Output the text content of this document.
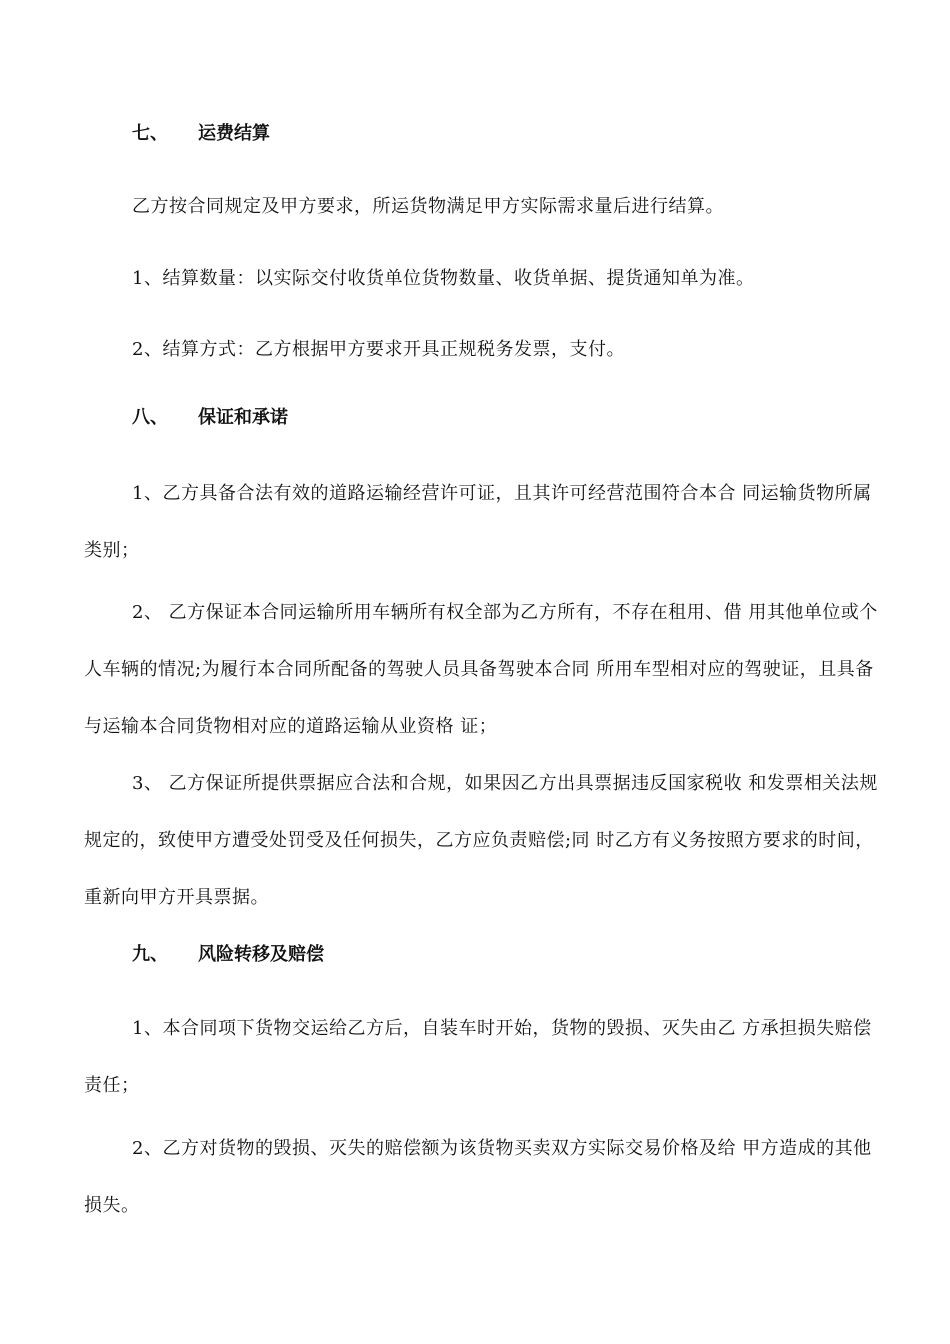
七、 运费结算

乙方按合同规定及甲方要求，所运货物满足甲方实际需求量后进行结算。

1、结算数量：以实际交付收货单位货物数量、收货单据、提货通知单为准。

2、结算方式：乙方根据甲方要求开具正规税务发票，支付。

八、 保证和承诺

1、乙方具备合法有效的道路运输经营许可证，且其许可经营范围符合本合 同运输货物所属类别；

2、 乙方保证本合同运输所用车辆所有权全部为乙方所有，不存在租用、借 用其他单位或个人车辆的情况;为履行本合同所配备的驾驶人员具备驾驶本合同 所用车型相对应的驾驶证，且具备与运输本合同货物相对应的道路运输从业资格 证；

3、 乙方保证所提供票据应合法和合规，如果因乙方出具票据违反国家税收 和发票相关法规规定的，致使甲方遭受处罚受及任何损失，乙方应负责赔偿;同 时乙方有义务按照方要求的时间，重新向甲方开具票据。

九、 风险转移及赔偿

1、本合同项下货物交运给乙方后，自装车时开始，货物的毁损、灭失由乙 方承担损失赔偿责任；

2、乙方对货物的毁损、灭失的赔偿额为该货物买卖双方实际交易价格及给 甲方造成的其他损失。
